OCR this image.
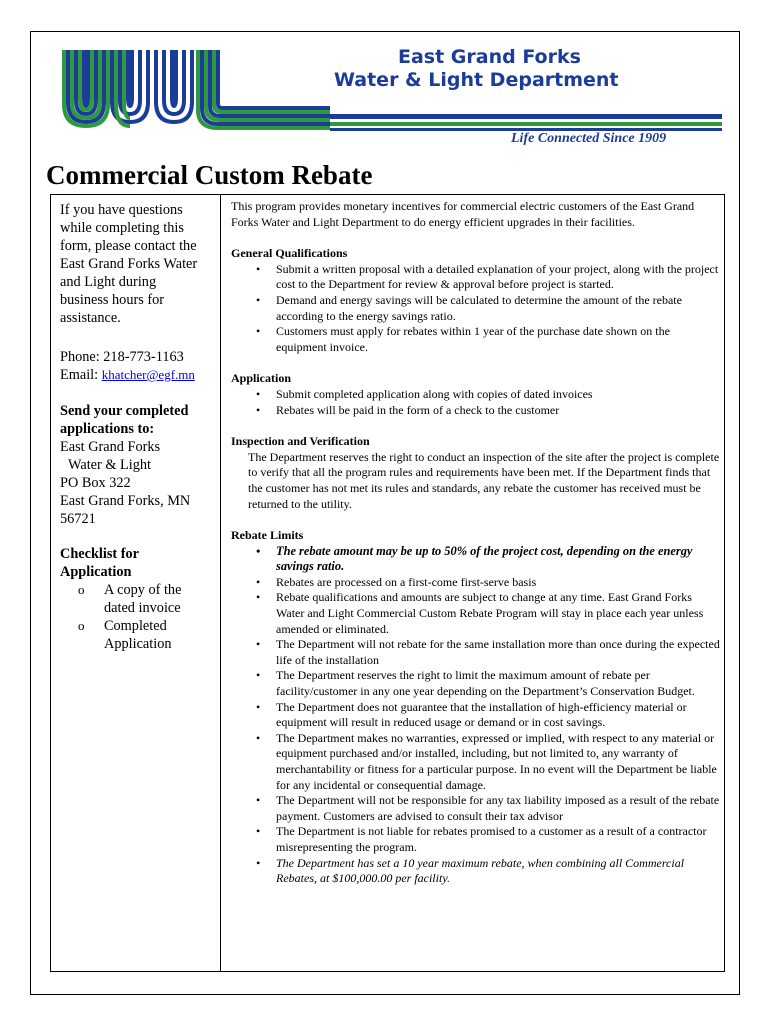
East Grand Forks
Water & Light Department
Life Connected Since 1909
Commercial Custom Rebate

If you have questions

while completing this

form, please contact the

East Grand Forks Water

and Light during

business hours for

assistance.

Phone: 218-773-1163

Email: khatcher@egf.mn

Send your completed

applications to:

East Grand Forks

Water & Light

PO Box 322

East Grand Forks, MN

56721

Checklist for

Application

o A copy of the
dated invoice
o Completed
Application

This program provides monetary incentives for commercial electric customers of the East Grand Forks Water and Light Department to do energy efficient upgrades in their facilities.

General Qualifications

• Submit a written proposal with a detailed explanation of your project, along with the project cost to the Department for review & approval before project is started.
• Demand and energy savings will be calculated to determine the amount of the rebate according to the energy savings ratio.
• Customers must apply for rebates within 1 year of the purchase date shown on the equipment invoice.

Application

• Submit completed application along with copies of dated invoices
• Rebates will be paid in the form of a check to the customer

Inspection and Verification

The Department reserves the right to conduct an inspection of the site after the project is complete to verify that all the program rules and requirements have been met. If the Department finds that the customer has not met its rules and standards, any rebate the customer has received must be returned to the utility.

Rebate Limits

• The rebate amount may be up to 50% of the project cost, depending on the energy savings ratio.
• Rebates are processed on a first-come first-serve basis
• Rebate qualifications and amounts are subject to change at any time. East Grand Forks Water and Light Commercial Custom Rebate Program will stay in place each year unless amended or eliminated.
• The Department will not rebate for the same installation more than once during the expected life of the installation
• The Department reserves the right to limit the maximum amount of rebate per facility/customer in any one year depending on the Department’s Conservation Budget.
• The Department does not guarantee that the installation of high-efficiency material or equipment will result in reduced usage or demand or in cost savings.
• The Department makes no warranties, expressed or implied, with respect to any material or equipment purchased and/or installed, including, but not limited to, any warranty of merchantability or fitness for a particular purpose. In no event will the Department be liable for any incidental or consequential damage.
• The Department will not be responsible for any tax liability imposed as a result of the rebate payment. Customers are advised to consult their tax advisor
• The Department is not liable for rebates promised to a customer as a result of a contractor misrepresenting the program.
• The Department has set a 10 year maximum rebate, when combining all Commercial Rebates, at $100,000.00 per facility.
